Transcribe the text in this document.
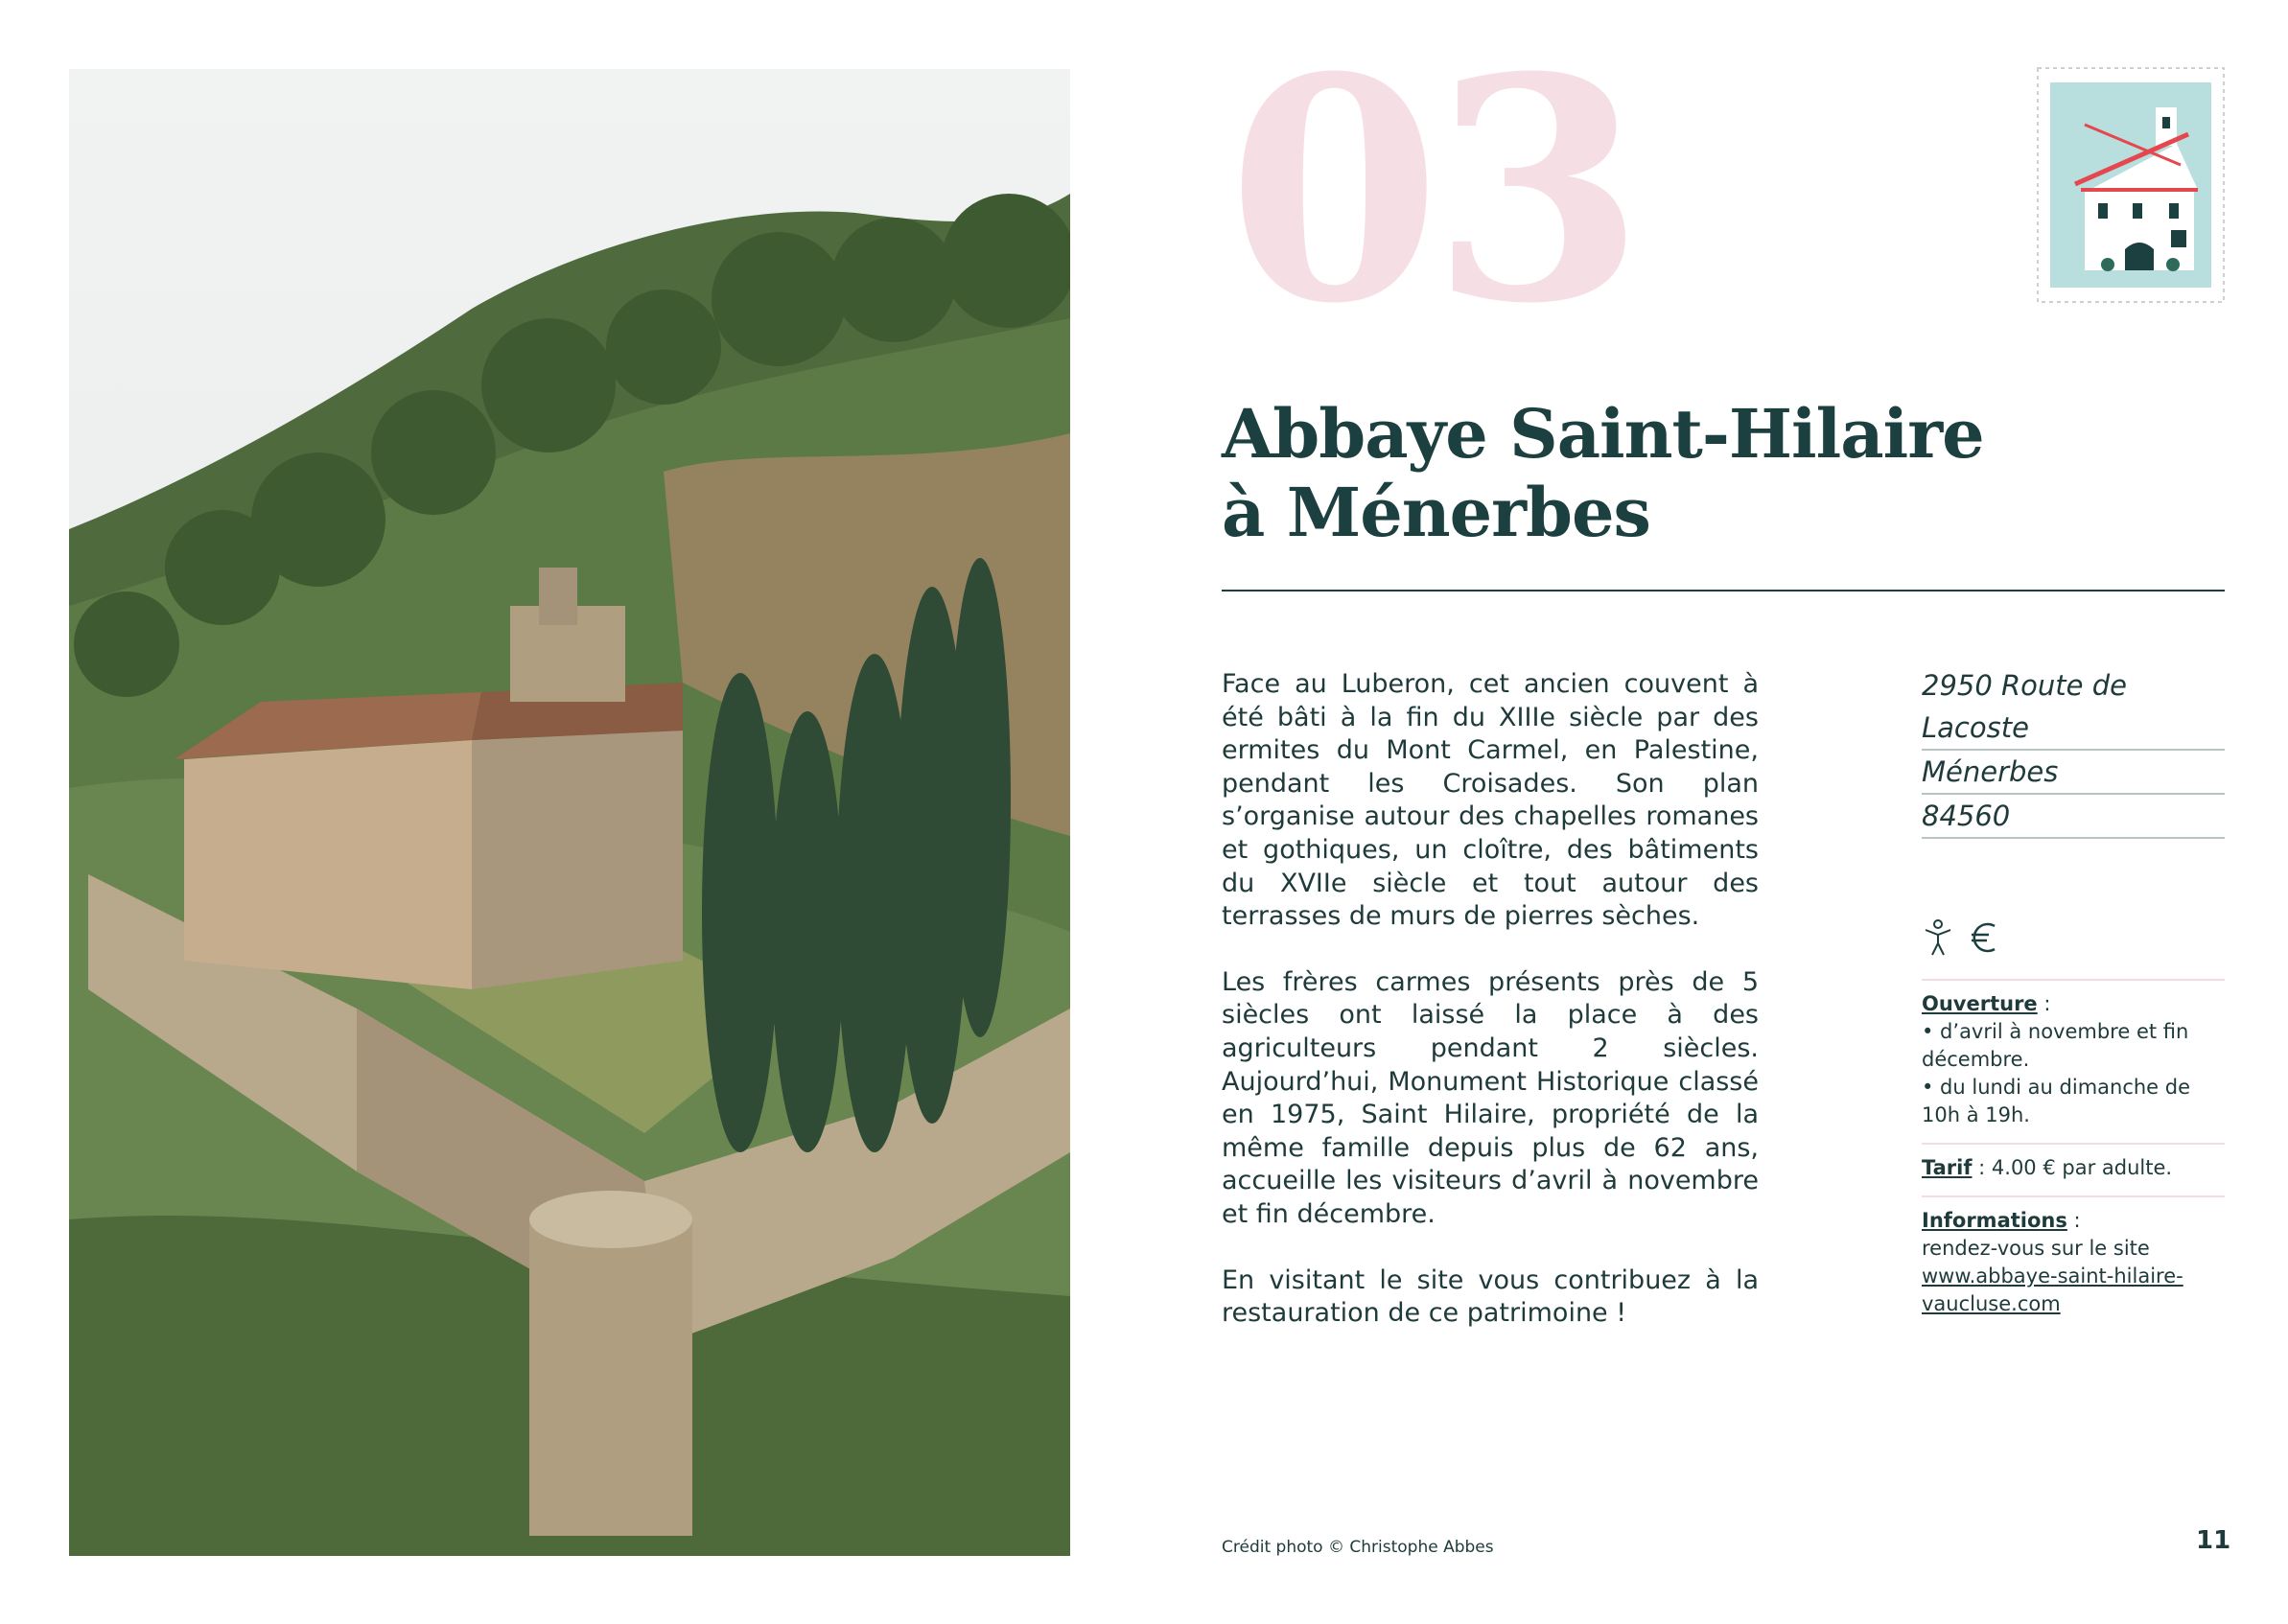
03
Abbaye Saint-Hilaire
à Ménerbes

Face au Luberon, cet ancien couvent à été bâti à la fin du XIIIe siècle par des ermites du Mont Carmel, en Palestine, pendant les Croisades. Son plan s’organise autour des chapelles romanes et gothiques, un cloître, des bâtiments du XVIIe siècle et tout autour des terrasses de murs de pierres sèches.

Les frères carmes présents près de 5 siècles ont laissé la place à des agriculteurs pendant 2 siècles. Aujourd’hui, Monument Historique classé en 1975, Saint Hilaire, propriété de la même famille depuis plus de 62 ans, accueille les visiteurs d’avril à novembre et fin décembre.

En visitant le site vous contribuez à la restauration de ce patrimoine !

2950 Route de Lacoste
Ménerbes
84560
Ouverture :
• d’avril à novembre et fin décembre.
• du lundi au dimanche de 10h à 19h.
Tarif : 4.00 € par adulte.
Informations :
rendez-vous sur le site
www.abbaye-saint-hilaire-vaucluse.com
Crédit photo © Christophe Abbes	11
